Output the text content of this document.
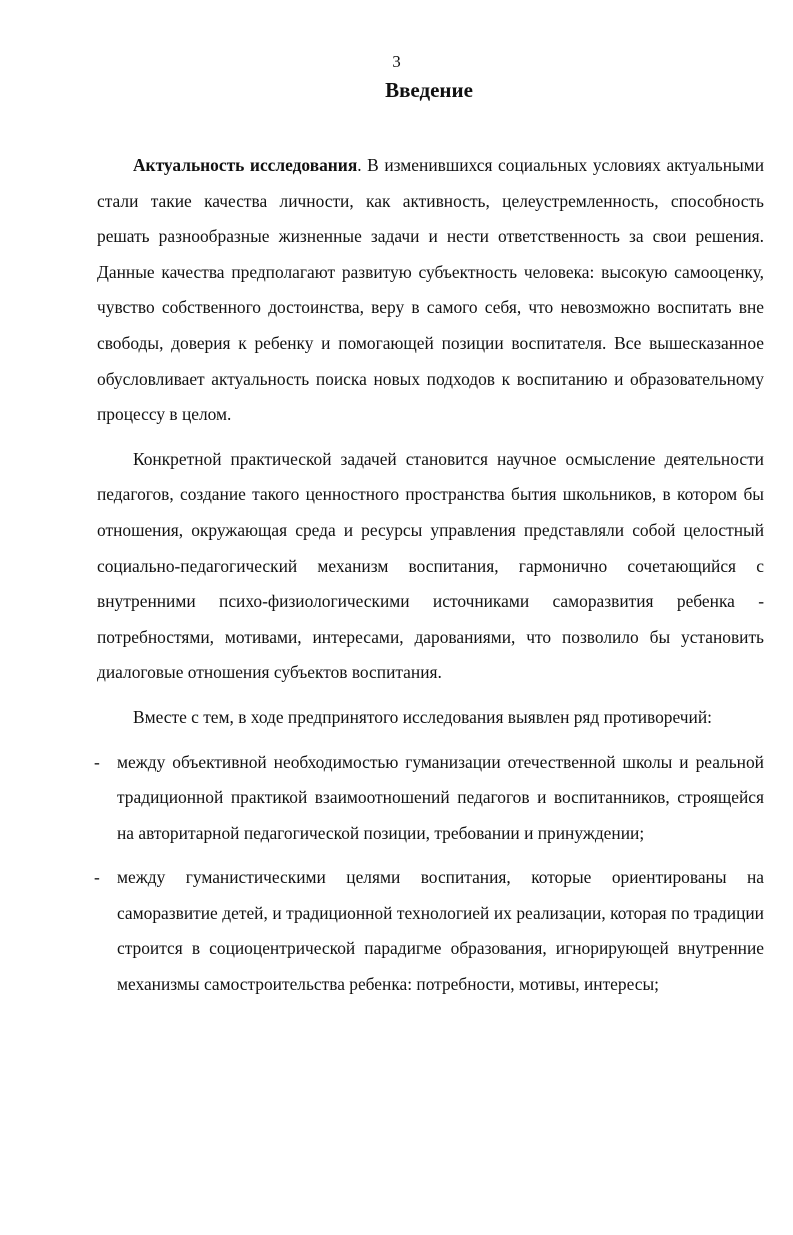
3
Введение

Актуальность исследования. В изменившихся социальных условиях актуальными стали такие качества личности, как активность, целеустремленность, способность решать разнообразные жизненные задачи и нести ответственность за свои решения. Данные качества предполагают развитую субъектность человека: высокую самооценку, чувство собственного достоинства, веру в самого себя, что невозможно воспитать вне свободы, доверия к ребенку и помогающей позиции воспитателя. Все вышесказанное обусловливает актуальность поиска новых подходов к воспитанию и образовательному процессу в целом.

Конкретной практической задачей становится научное осмысление деятельности педагогов, создание такого ценностного пространства бытия школьников, в котором бы отношения, окружающая среда и ресурсы управления представляли собой целостный социально-педагогический механизм воспитания, гармонично сочетающийся с внутренними психо-физиологическими источниками саморазвития ребенка - потребностями, мотивами, интересами, дарованиями, что позволило бы установить диалоговые отношения субъектов воспитания.

Вместе с тем, в ходе предпринятого исследования выявлен ряд противоречий:

- между объективной необходимостью гуманизации отечественной школы и реальной традиционной практикой взаимоотношений педагогов и воспитанников, строящейся на авторитарной педагогической позиции, требовании и принуждении;
- между гуманистическими целями воспитания, которые ориентированы на саморазвитие детей, и традиционной технологией их реализации, которая по традиции строится в социоцентрической парадигме образования, игнорирующей внутренние механизмы самостроительства ребенка: потребности, мотивы, интересы;
